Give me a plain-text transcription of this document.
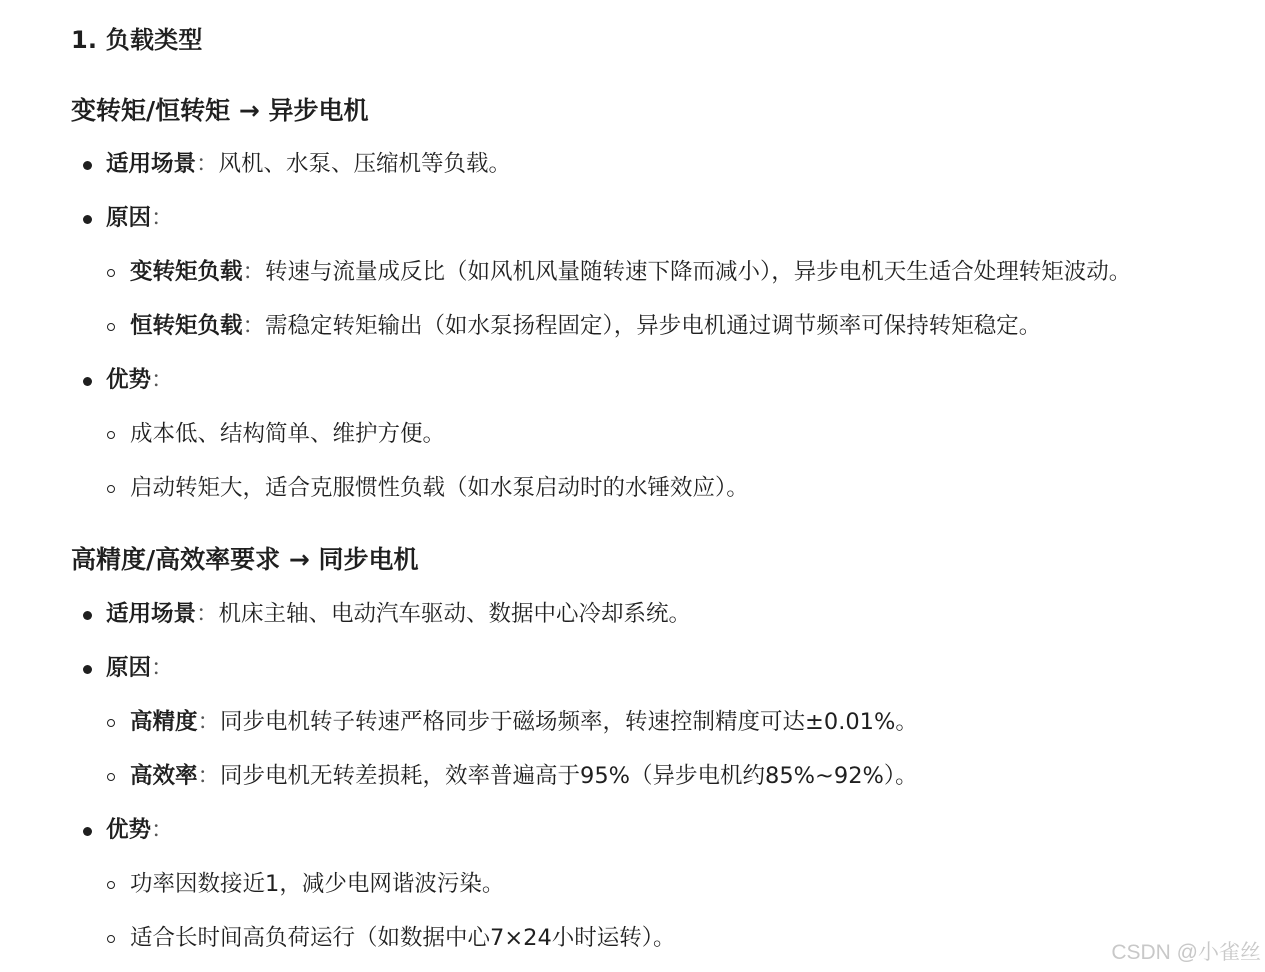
1. 负载类型
变转矩/恒转矩 → 异步电机
适用场景：风机、水泵、压缩机等负载。
原因：
变转矩负载：转速与流量成反比（如风机风量随转速下降而减小），异步电机天生适合处理转矩波动。
恒转矩负载：需稳定转矩输出（如水泵扬程固定），异步电机通过调节频率可保持转矩稳定。
优势：
成本低、结构简单、维护方便。
启动转矩大，适合克服惯性负载（如水泵启动时的水锤效应）。
高精度/高效率要求 → 同步电机
适用场景：机床主轴、电动汽车驱动、数据中心冷却系统。
原因：
高精度：同步电机转子转速严格同步于磁场频率，转速控制精度可达±0.01%。
高效率：同步电机无转差损耗，效率普遍高于95%（异步电机约85%~92%）。
优势：
功率因数接近1，减少电网谐波污染。
适合长时间高负荷运行（如数据中心7×24小时运转）。
CSDN @小雀丝
